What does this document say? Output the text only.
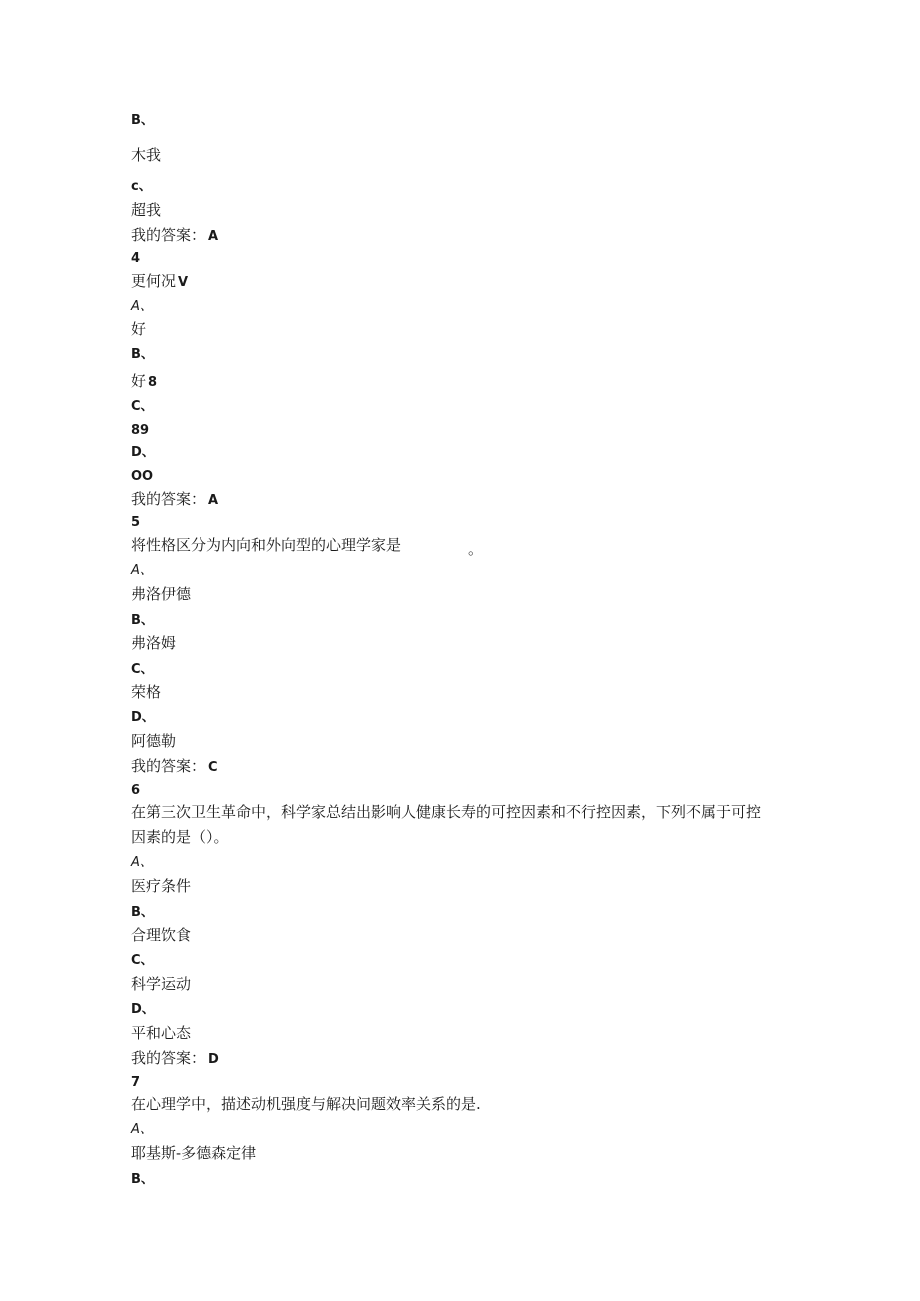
B、
木我
c、
超我
我的答案： A
4
更何况 V
A、
好
B、
好 8
C、
89
D、
OO
我的答案： A
5
将性格区分为内向和外向型的心理学家是	。
A、
弗洛伊德
B、
弗洛姆
C、
荣格
D、
阿德勒
我的答案： C
6
在第三次卫生革命中，科学家总结出影响人健康长寿的可控因素和不行控因素，下列不属于可控
因素的是（）。
A、
医疗条件
B、
合理饮食
C、
科学运动
D、
平和心态
我的答案： D
7
在心理学中，描述动机强度与解决问题效率关系的是.
A、
耶基斯-多德森定律
B、
